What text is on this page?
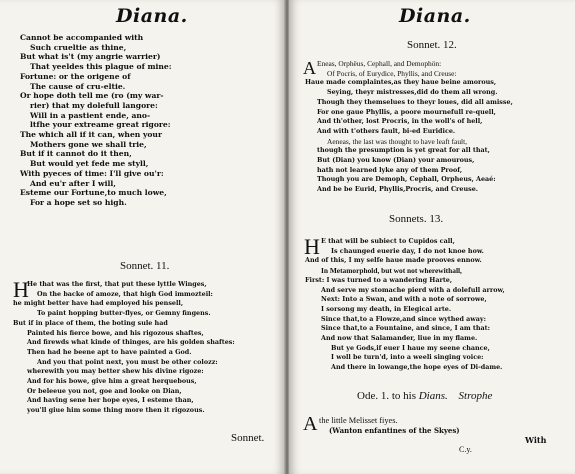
Diana.
Cannot be accompanied with
Such crueltie as thine,
But what is't (my angrie warrier)
That yeeldes this plague of mine:
Fortune: or the origene of
The cause of cru-eltie.
Or hope doth tell me (ro (my war-
rier) that my dolefull langore:
Will in a pastient ende, ano-
ltfhe your extreame great rigore:
The which all if it can, when your
Mothers gone we shall trie,
But if it cannot do it then,
But would yet fede me styll,
With pyeces of time: I'll give ou'r:
And eu'r after I will,
Esteme our Fortune,to much lowe,
For a hope set so high.
Sonnet. 11.
H
He that was the first, that put these lyttle Winges,
On the backe of amoze, that high God immozteil:
he might better have had employed his pensell,
To paint hopping butter-flyes, or Gemny fingens.
But if in place of them, the boting sule had
Painted his fierce bowe, and his rigozous shaftes,
And firewds what kinde of thinges, are his golden shaftes:
Then had he beene apt to have painted a God.
And you that point next, you must be other colozz:
wherewith you may better shew his divine rigoze:
And for his bowe, give him a great herquebous,
Or beleeue you not, goe and looke on Dian,
And having sene her hope eyes, I esteme than,
you'll giue him some thing more then it rigozous.
Sonnet.
Diana.
Sonnet. 12.
A Eneas, Orphëus, Cephall, and Demophön:
Of Pocris, of Eurydice, Phyllis, and Creuse:
Haue made complaintes,as they haue beine amorous,
Seying, theyr mistresses,did do them all wrong.
Though they themselues to theyr loues, did all amisse,
For one gaue Phyllis, a poore mournefull re-quell,
And th'other, lost Procris, in the woll's of hell,
And with t'others fault, bi-ed Euridice.
Aeneas, the last was thought to have leaft fault,
though the presumption is yet great for all that,
But (Dian) you know (Dian) your amourous,
hath not learned lyke any of them Proof,
Though you are Demoph, Cephall, Orpheus, Aeaé:
And be be Eurid, Phyllis,Procris, and Creuse.
Sonnets. 13.
H E that will be subiect to Cupidos call,
Is chaunged euerie day, I do not knoe how.
And of this, I my selfe haue made prooves ennow.
In Metamorphold, but wot not wherewithall,
First: I was turned to a wandering Harte,
And serve my stomache pierd with a dolefull arrow,
Next: Into a Swan, and with a note of sorrowe,
I sorsong my death, in Elegical arte.
Since that,to a Flowze,and since wythed away:
Since that,to a Fountaine, and since, I am that:
And now that Salamander, liue in my flame.
But ye Gods,if euer I haue my seene chance,
I woll be turn'd, into a weeli singing voice:
And there in lowange,the hope eyes of Di-dame.
Ode. 1. to his Dians. Strophe
A the little Melisset fiyes.
(Wanton enfantines of the Skyes)
C.y.
With
